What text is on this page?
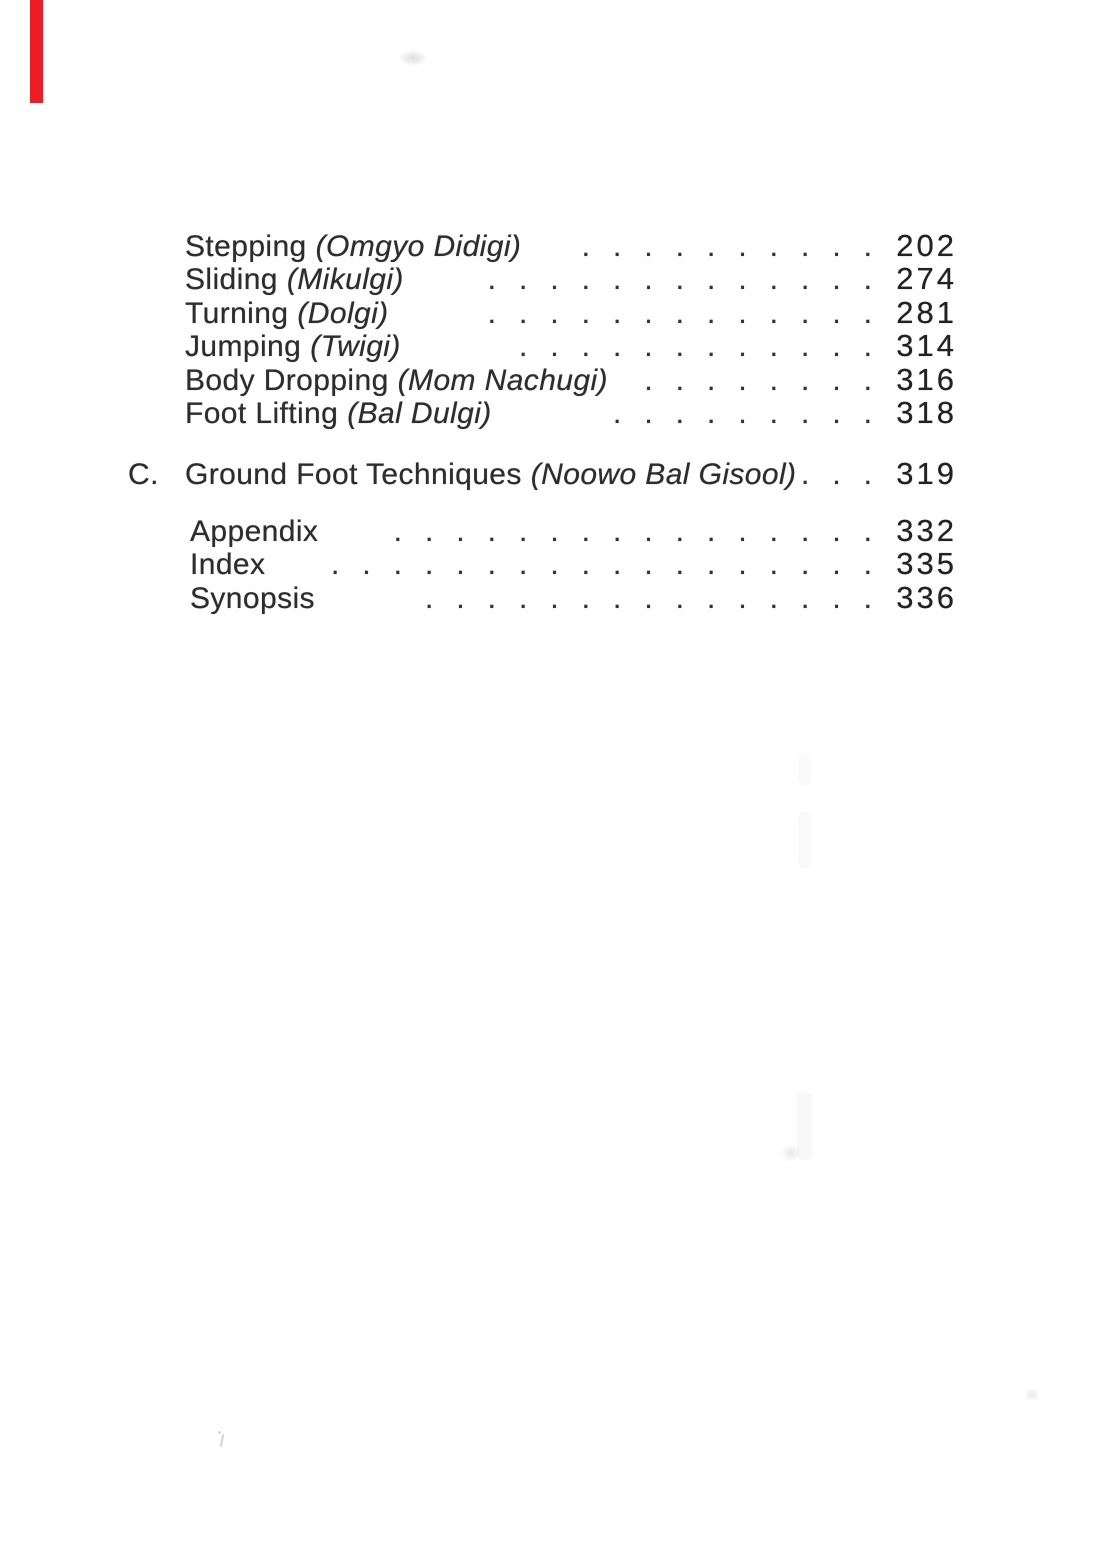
Stepping (Omgyo Didigi)	.......... 202
Sliding (Mikulgi)	............. 274
Turning (Dolgi)	............. 281
Jumping (Twigi)	............ 314
Body Dropping (Mom Nachugi)	........ 316
Foot Lifting (Bal Dulgi)	......... 318
C. Ground Foot Techniques (Noowo Bal Gisool) ... 319
Appendix	................ 332
Index	.................. 335
Synopsis	............... 336
